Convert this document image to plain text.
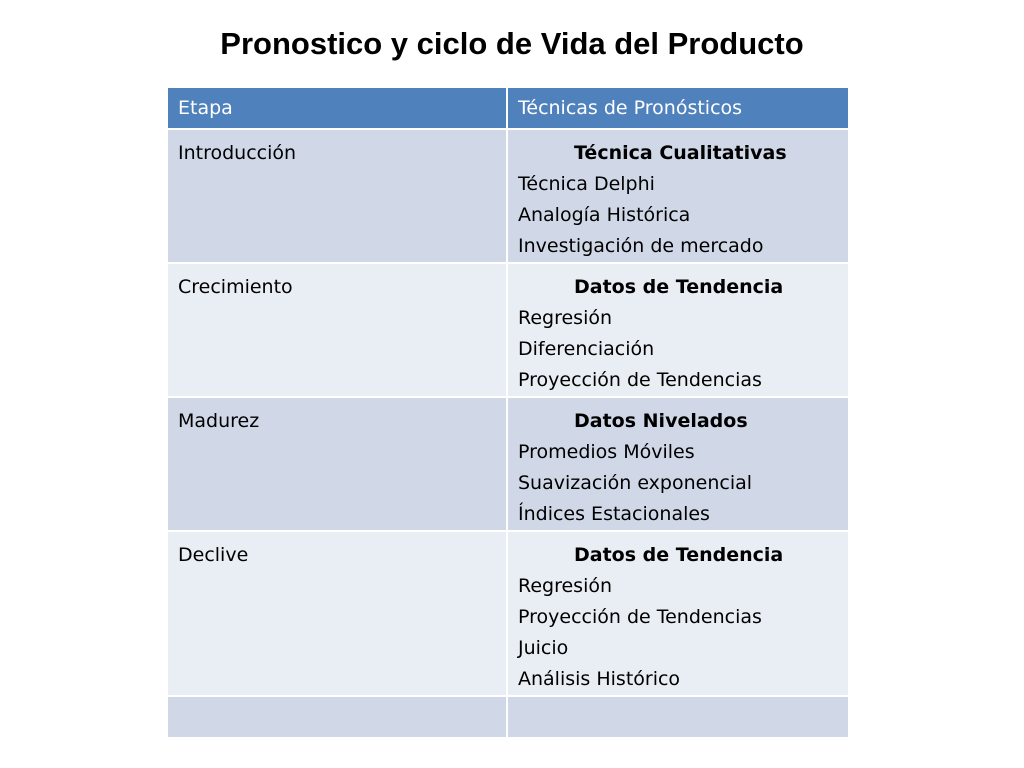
Pronostico y ciclo de Vida del Producto
Etapa	Técnicas de Pronósticos
Introducción	Técnica Cualitativas
Técnica Delphi
Analogía Histórica
Investigación de mercado

Crecimiento	Datos de Tendencia
Regresión
Diferenciación
Proyección de Tendencias

Madurez	Datos Nivelados
Promedios Móviles
Suavización exponencial
Índices Estacionales

Declive	Datos de Tendencia
Regresión
Proyección de Tendencias
Juicio
Análisis Histórico
